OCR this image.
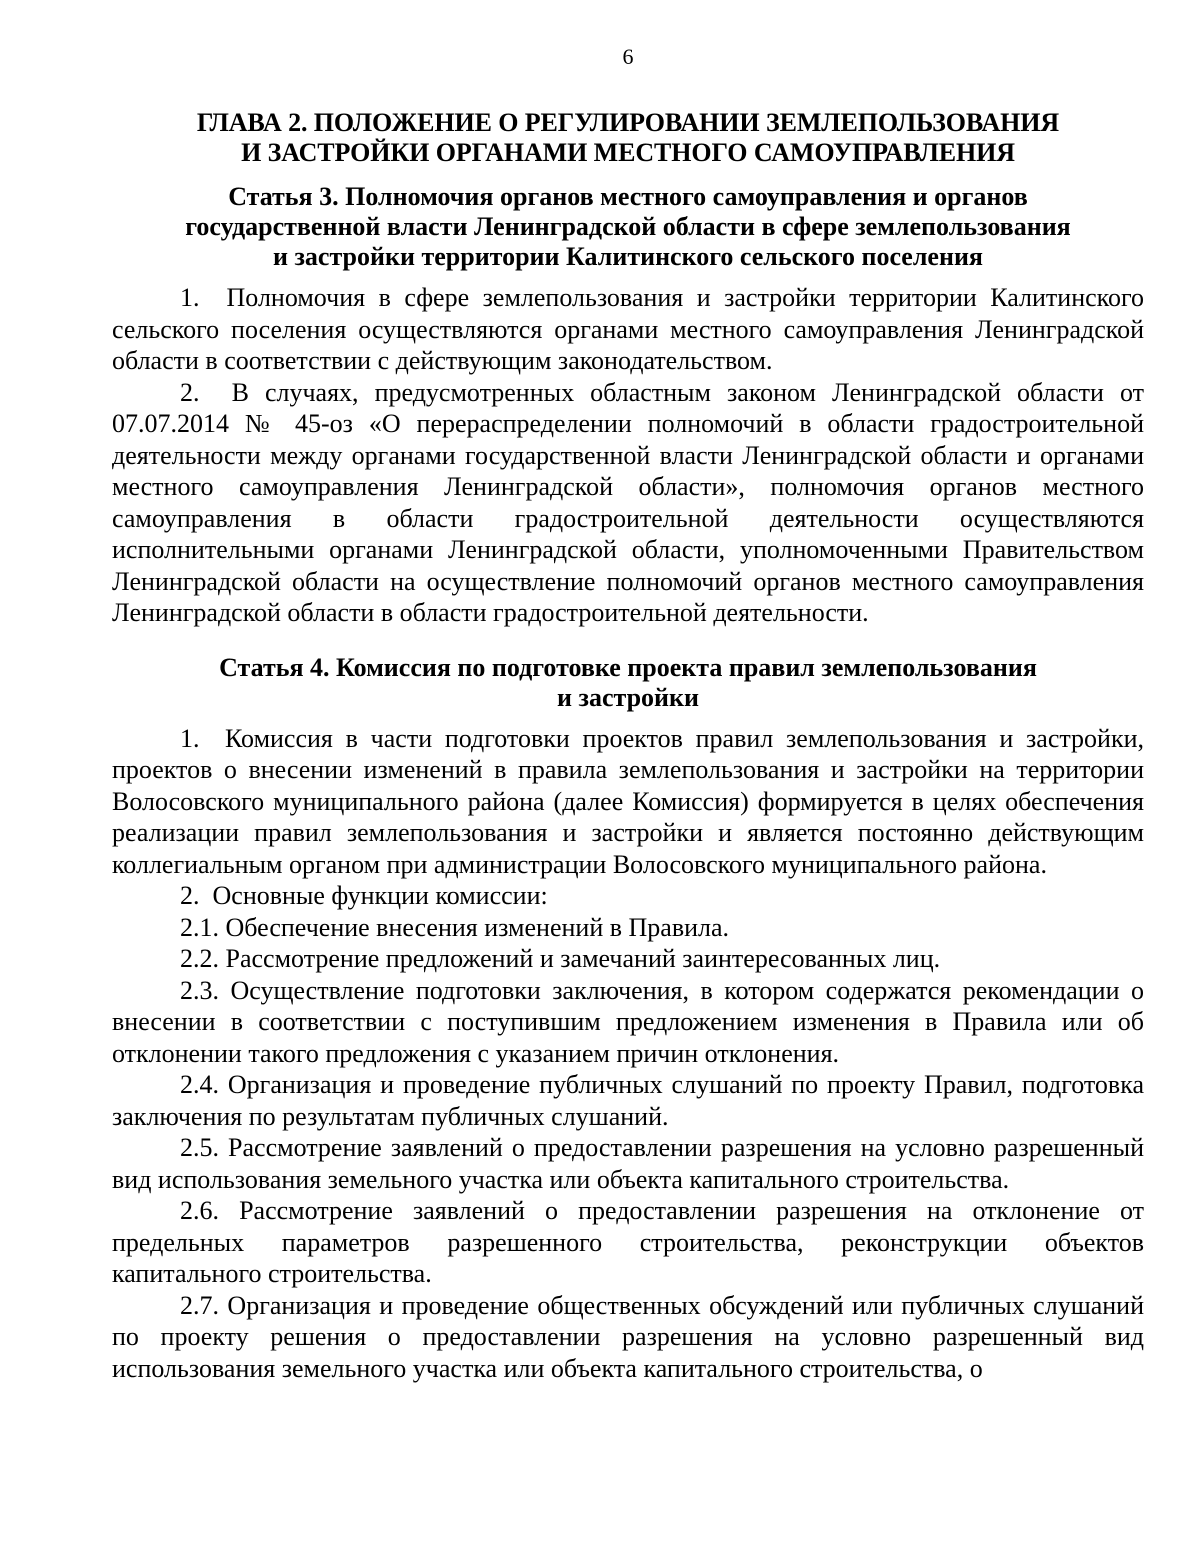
6
ГЛАВА 2. ПОЛОЖЕНИЕ О РЕГУЛИРОВАНИИ ЗЕМЛЕПОЛЬЗОВАНИЯ
И ЗАСТРОЙКИ ОРГАНАМИ МЕСТНОГО САМОУПРАВЛЕНИЯ
Статья 3. Полномочия органов местного самоуправления и органов
государственной власти Ленинградской области в сфере землепользования
и застройки территории Калитинского сельского поселения

1.  Полномочия в сфере землепользования и застройки территории Калитинского сельского поселения осуществляются органами местного самоуправления Ленинградской области в соответствии с действующим законодательством.

2.  В случаях, предусмотренных областным законом Ленинградской области от 07.07.2014 № 45-оз «О перераспределении полномочий в области градостроительной деятельности между органами государственной власти Ленинградской области и органами местного самоуправления Ленинградской области», полномочия органов местного самоуправления в области градостроительной деятельности осуществляются исполнительными органами Ленинградской области, уполномоченными Правительством Ленинградской области на осуществление полномочий органов местного самоуправления Ленинградской области в области градостроительной деятельности.

Статья 4. Комиссия по подготовке проекта правил землепользования
и застройки

1.  Комиссия в части подготовки проектов правил землепользования и застройки, проектов о внесении изменений в правила землепользования и застройки на территории Волосовского муниципального района (далее Комиссия) формируется в целях обеспечения реализации правил землепользования и застройки и является постоянно действующим коллегиальным органом при администрации Волосовского муниципального района.

2.  Основные функции комиссии:

2.1. Обеспечение внесения изменений в Правила.

2.2. Рассмотрение предложений и замечаний заинтересованных лиц.

2.3. Осуществление подготовки заключения, в котором содержатся рекомендации о внесении в соответствии с поступившим предложением изменения в Правила или об отклонении такого предложения с указанием причин отклонения.

2.4. Организация и проведение публичных слушаний по проекту Правил, подготовка заключения по результатам публичных слушаний.

2.5. Рассмотрение заявлений о предоставлении разрешения на условно разрешенный вид использования земельного участка или объекта капитального строительства.

2.6. Рассмотрение заявлений о предоставлении разрешения на отклонение от предельных параметров разрешенного строительства, реконструкции объектов капитального строительства.

2.7. Организация и проведение общественных обсуждений или публичных слушаний по проекту решения о предоставлении разрешения на условно разрешенный вид использования земельного участка или объекта капитального строительства, о
